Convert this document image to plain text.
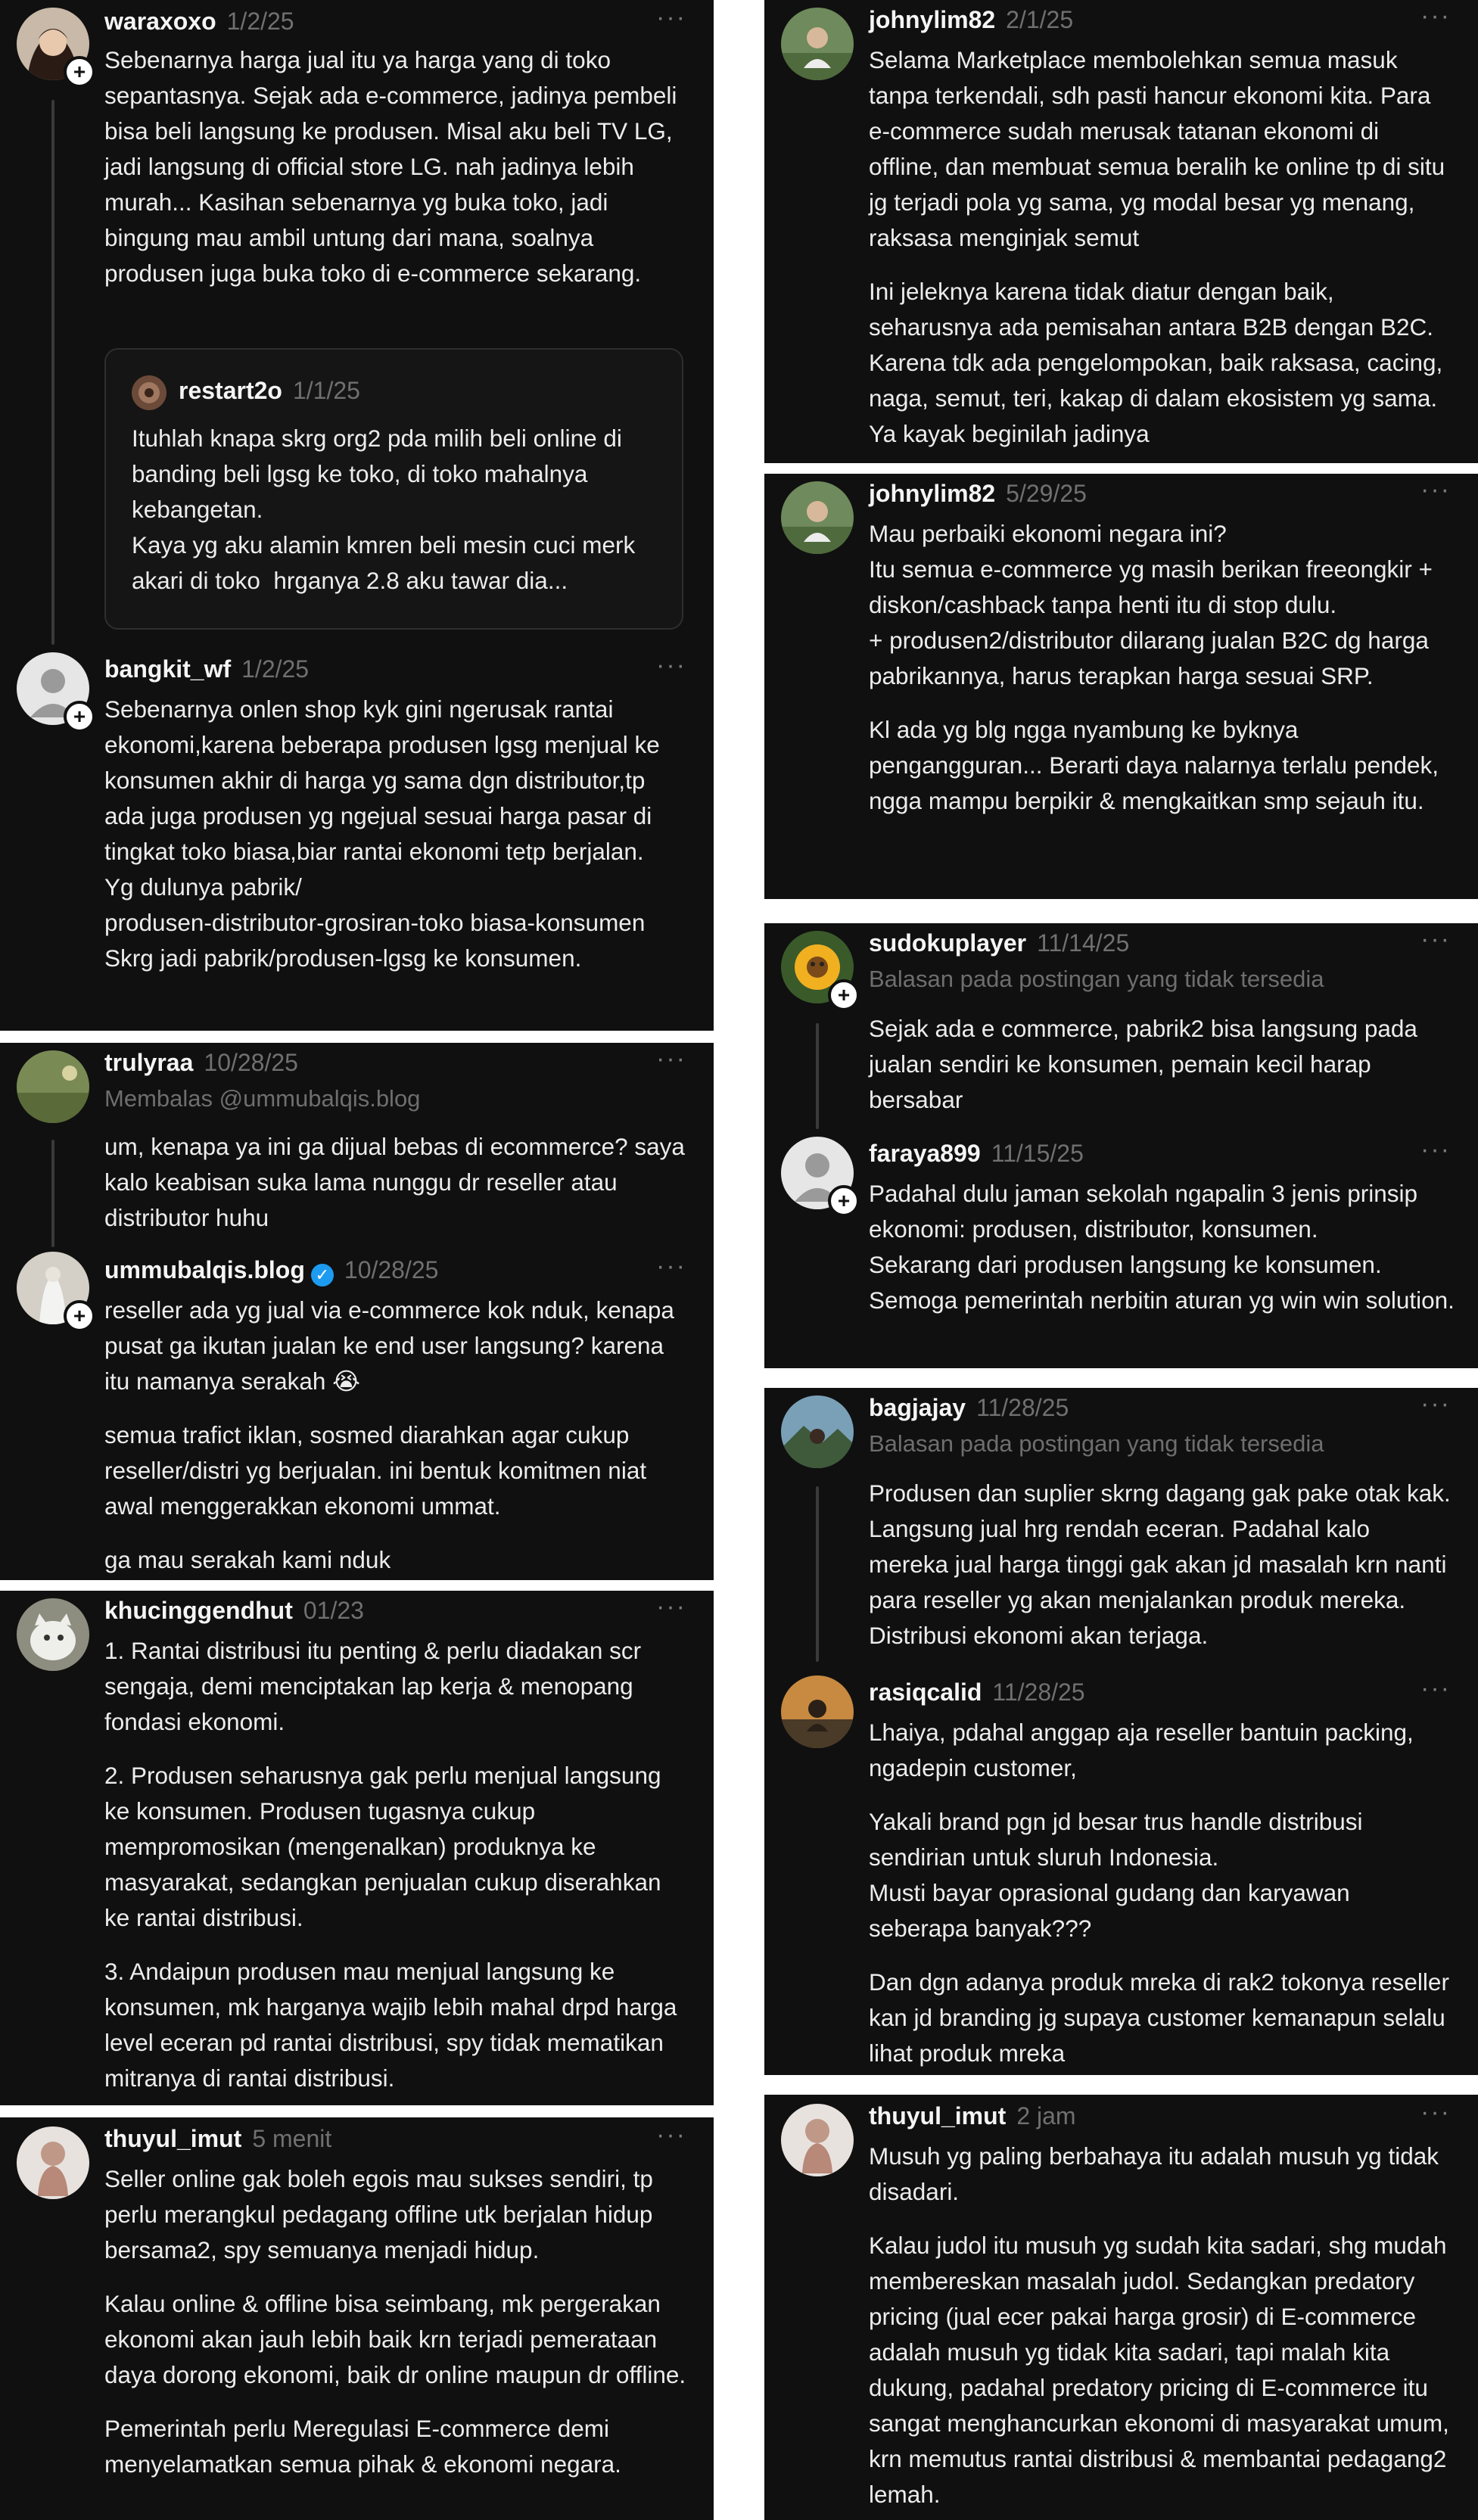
+
waraxoxo 1/2/25	···

Sebenarnya harga jual itu ya harga yang di toko sepantasnya. Sejak ada e-commerce, jadinya pembeli bisa beli langsung ke produsen. Misal aku beli TV LG, jadi langsung di official store LG. nah jadinya lebih murah... Kasihan sebenarnya yg buka toko, jadi bingung mau ambil untung dari mana, soalnya produsen juga buka toko di e-commerce sekarang.

restart2o 1/1/25

Ituhlah knapa skrg org2 pda milih beli online di banding beli lgsg ke toko, di toko mahalnya kebangetan.
Kaya yg aku alamin kmren beli mesin cuci merk akari di toko  hrganya 2.8 aku tawar dia...

+
bangkit_wf 1/2/25	···

Sebenarnya onlen shop kyk gini ngerusak rantai ekonomi,karena beberapa produsen lgsg menjual ke konsumen akhir di harga yg sama dgn distributor,tp ada juga produsen yg ngejual sesuai harga pasar di tingkat toko biasa,biar rantai ekonomi tetp berjalan.
Yg dulunya pabrik/
produsen-distributor-grosiran-toko biasa-konsumen
Skrg jadi pabrik/produsen-lgsg ke konsumen.

trulyraa 10/28/25	···
Membalas @ummubalqis.blog

um, kenapa ya ini ga dijual bebas di ecommerce? saya kalo keabisan suka lama nunggu dr reseller atau distributor huhu

+
ummubalqis.blog ✓ 10/28/25	···

reseller ada yg jual via e-commerce kok nduk, kenapa pusat ga ikutan jualan ke end user langsung? karena itu namanya serakah 😭

semua trafict iklan, sosmed diarahkan agar cukup reseller/distri yg berjualan. ini bentuk komitmen niat awal menggerakkan ekonomi ummat.

ga mau serakah kami nduk

khucinggendhut 01/23	···

1. Rantai distribusi itu penting & perlu diadakan scr sengaja, demi menciptakan lap kerja & menopang fondasi ekonomi.

2. Produsen seharusnya gak perlu menjual langsung ke konsumen. Produsen tugasnya cukup mempromosikan (mengenalkan) produknya ke masyarakat, sedangkan penjualan cukup diserahkan ke rantai distribusi.

3. Andaipun produsen mau menjual langsung ke konsumen, mk harganya wajib lebih mahal drpd harga level eceran pd rantai distribusi, spy tidak mematikan mitranya di rantai distribusi.

thuyul_imut 5 menit	···

Seller online gak boleh egois mau sukses sendiri, tp perlu merangkul pedagang offline utk berjalan hidup bersama2, spy semuanya menjadi hidup.

Kalau online & offline bisa seimbang, mk pergerakan ekonomi akan jauh lebih baik krn terjadi pemerataan daya dorong ekonomi, baik dr online maupun dr offline.

Pemerintah perlu Meregulasi E-commerce demi menyelamatkan semua pihak & ekonomi negara.

johnylim82 2/1/25	···

Selama Marketplace membolehkan semua masuk tanpa terkendali, sdh pasti hancur ekonomi kita. Para e-commerce sudah merusak tatanan ekonomi di offline, dan membuat semua beralih ke online tp di situ jg terjadi pola yg sama, yg modal besar yg menang, raksasa menginjak semut

Ini jeleknya karena tidak diatur dengan baik, seharusnya ada pemisahan antara B2B dengan B2C. Karena tdk ada pengelompokan, baik raksasa, cacing, naga, semut, teri, kakap di dalam ekosistem yg sama. Ya kayak beginilah jadinya

johnylim82 5/29/25	···

Mau perbaiki ekonomi negara ini?
Itu semua e-commerce yg masih berikan freeongkir + diskon/cashback tanpa henti itu di stop dulu.
+ produsen2/distributor dilarang jualan B2C dg harga pabrikannya, harus terapkan harga sesuai SRP.

Kl ada yg blg ngga nyambung ke byknya pengangguran... Berarti daya nalarnya terlalu pendek, ngga mampu berpikir & mengkaitkan smp sejauh itu.

+
sudokuplayer 11/14/25	···
Balasan pada postingan yang tidak tersedia

Sejak ada e commerce, pabrik2 bisa langsung pada jualan sendiri ke konsumen, pemain kecil harap bersabar

+
faraya899 11/15/25	···

Padahal dulu jaman sekolah ngapalin 3 jenis prinsip ekonomi: produsen, distributor, konsumen.
Sekarang dari produsen langsung ke konsumen.
Semoga pemerintah nerbitin aturan yg win win solution.

bagjajay 11/28/25	···
Balasan pada postingan yang tidak tersedia

Produsen dan suplier skrng dagang gak pake otak kak. Langsung jual hrg rendah eceran. Padahal kalo mereka jual harga tinggi gak akan jd masalah krn nanti para reseller yg akan menjalankan produk mereka. Distribusi ekonomi akan terjaga.

rasiqcalid 11/28/25	···

Lhaiya, pdahal anggap aja reseller bantuin packing, ngadepin customer,

Yakali brand pgn jd besar trus handle distribusi sendirian untuk sluruh Indonesia.
Musti bayar oprasional gudang dan karyawan seberapa banyak???

Dan dgn adanya produk mreka di rak2 tokonya reseller kan jd branding jg supaya customer kemanapun selalu lihat produk mreka

thuyul_imut 2 jam	···

Musuh yg paling berbahaya itu adalah musuh yg tidak disadari.

Kalau judol itu musuh yg sudah kita sadari, shg mudah membereskan masalah judol. Sedangkan predatory pricing (jual ecer pakai harga grosir) di E-commerce adalah musuh yg tidak kita sadari, tapi malah kita dukung, padahal predatory pricing di E-commerce itu sangat menghancurkan ekonomi di masyarakat umum, krn memutus rantai distribusi & membantai pedagang2 lemah.
